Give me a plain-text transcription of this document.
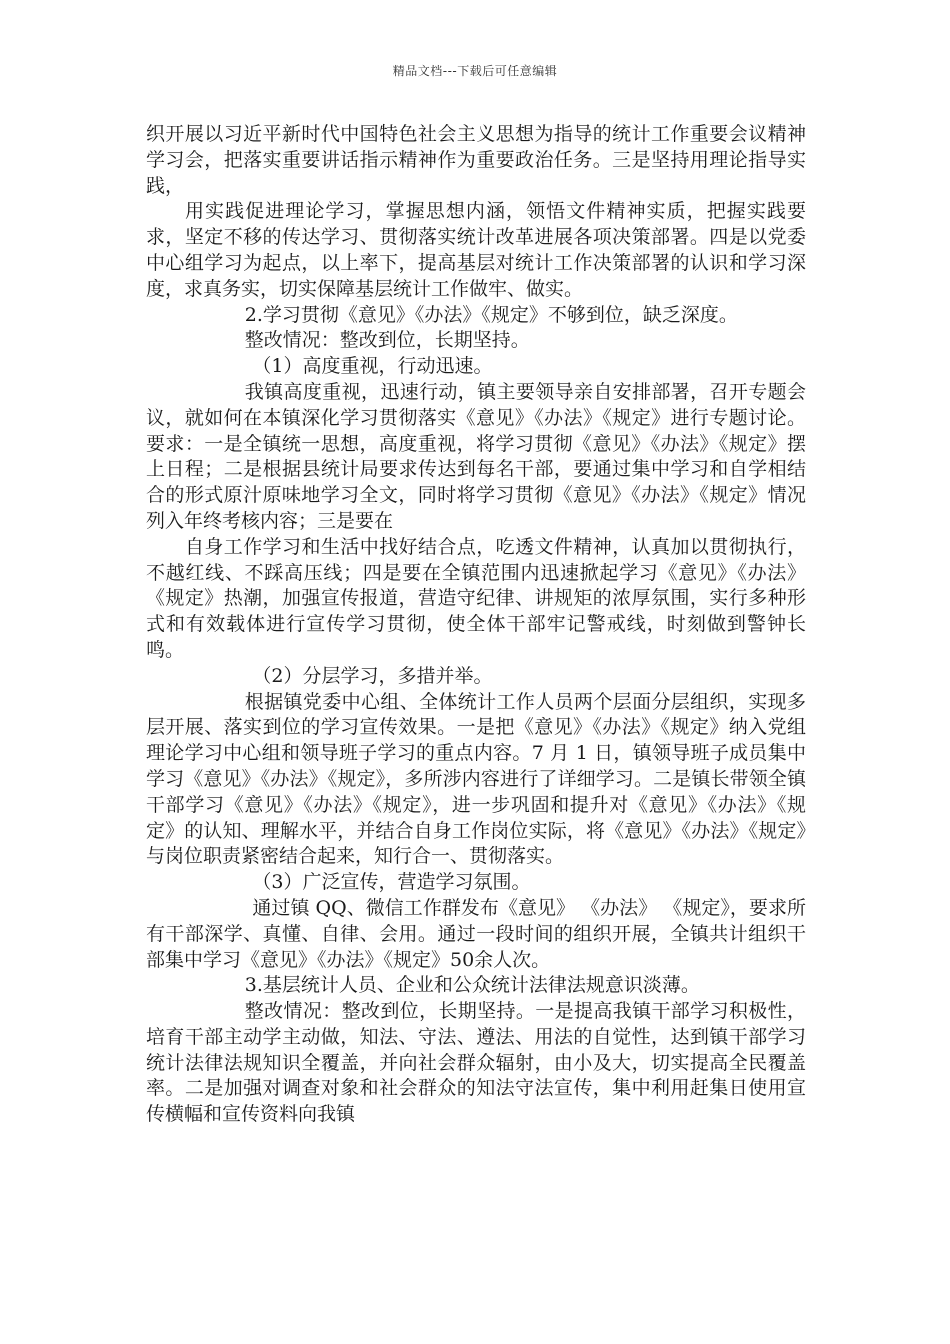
精品文档---下载后可任意编辑

织开展以习近平新时代中国特色社会主义思想为指导的统计工作重要会议精神学习会，把落实重要讲话指示精神作为重要政治任务。三是坚持用理论指导实践，

用实践促进理论学习，掌握思想内涵，领悟文件精神实质，把握实践要求，坚定不移的传达学习、贯彻落实统计改革进展各项决策部署。四是以党委中心组学习为起点，以上率下，提高基层对统计工作决策部署的认识和学习深度，求真务实，切实保障基层统计工作做牢、做实。

2.学习贯彻《意见》《办法》《规定》不够到位，缺乏深度。

整改情况：整改到位，长期坚持。

（1）高度重视，行动迅速。

我镇高度重视，迅速行动，镇主要领导亲自安排部署，召开专题会议，就如何在本镇深化学习贯彻落实《意见》《办法》《规定》进行专题讨论。要求：一是全镇统一思想，高度重视，将学习贯彻《意见》《办法》《规定》摆上日程；二是根据县统计局要求传达到每名干部，要通过集中学习和自学相结合的形式原汁原味地学习全文，同时将学习贯彻《意见》《办法》《规定》情况列入年终考核内容；三是要在

自身工作学习和生活中找好结合点，吃透文件精神，认真加以贯彻执行，不越红线、不踩高压线；四是要在全镇范围内迅速掀起学习《意见》《办法》《规定》热潮，加强宣传报道，营造守纪律、讲规矩的浓厚氛围，实行多种形式和有效载体进行宣传学习贯彻，使全体干部牢记警戒线，时刻做到警钟长鸣。

（2）分层学习，多措并举。

根据镇党委中心组、全体统计工作人员两个层面分层组织，实现多层开展、落实到位的学习宣传效果。一是把《意见》《办法》《规定》纳入党组理论学习中心组和领导班子学习的重点内容。7 月 1 日，镇领导班子成员集中学习《意见》《办法》《规定》，多所涉内容进行了详细学习。二是镇长带领全镇干部学习《意见》《办法》《规定》，进一步巩固和提升对《意见》《办法》《规定》的认知、理解水平，并结合自身工作岗位实际，将《意见》《办法》《规定》与岗位职责紧密结合起来，知行合一、贯彻落实。

（3）广泛宣传，营造学习氛围。

通过镇 QQ、微信工作群发布《意见》 《办法》 《规定》，要求所有干部深学、真懂、自律、会用。通过一段时间的组织开展，全镇共计组织干部集中学习《意见》《办法》《规定》50余人次。

3.基层统计人员、企业和公众统计法律法规意识淡薄。

整改情况：整改到位，长期坚持。一是提高我镇干部学习积极性，培育干部主动学主动做，知法、守法、遵法、用法的自觉性，达到镇干部学习统计法律法规知识全覆盖，并向社会群众辐射，由小及大，切实提高全民覆盖率。二是加强对调查对象和社会群众的知法守法宣传，集中利用赶集日使用宣传横幅和宣传资料向我镇
